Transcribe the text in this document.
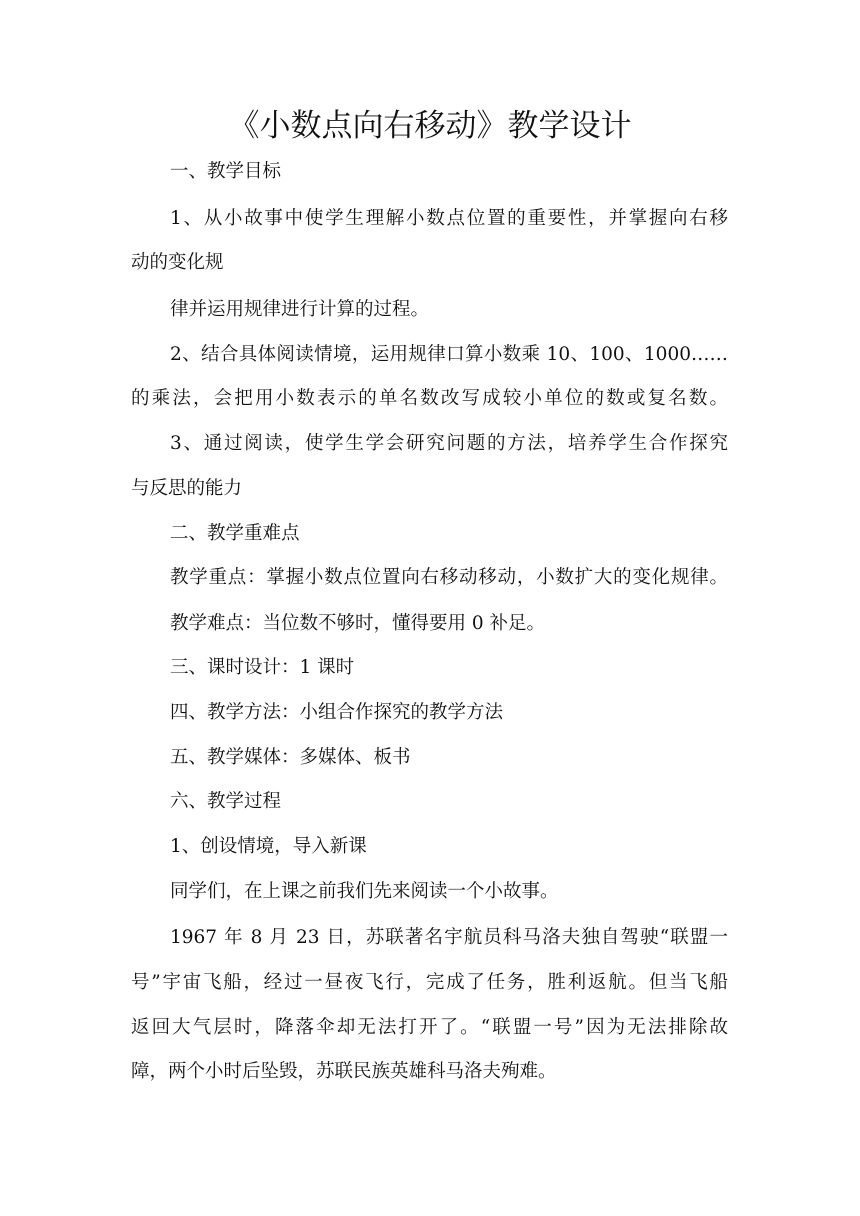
《小数点向右移动》教学设计

一、教学目标

1、从小故事中使学生理解小数点位置的重要性，并掌握向右移

动的变化规

律并运用规律进行计算的过程。

2、结合具体阅读情境，运用规律口算小数乘 10、100、1000……

的乘法，会把用小数表示的单名数改写成较小单位的数或复名数。

3、通过阅读，使学生学会研究问题的方法，培养学生合作探究

与反思的能力

二、教学重难点

教学重点：掌握小数点位置向右移动移动，小数扩大的变化规律。

教学难点：当位数不够时，懂得要用 0 补足。

三、课时设计：1 课时

四、教学方法：小组合作探究的教学方法

五、教学媒体：多媒体、板书

六、教学过程

1、创设情境，导入新课

同学们，在上课之前我们先来阅读一个小故事。

1967 年 8 月 23 日，苏联著名宇航员科马洛夫独自驾驶“联盟一

号”宇宙飞船，经过一昼夜飞行，完成了任务，胜利返航。但当飞船

返回大气层时，降落伞却无法打开了。“联盟一号”因为无法排除故

障，两个小时后坠毁，苏联民族英雄科马洛夫殉难。
